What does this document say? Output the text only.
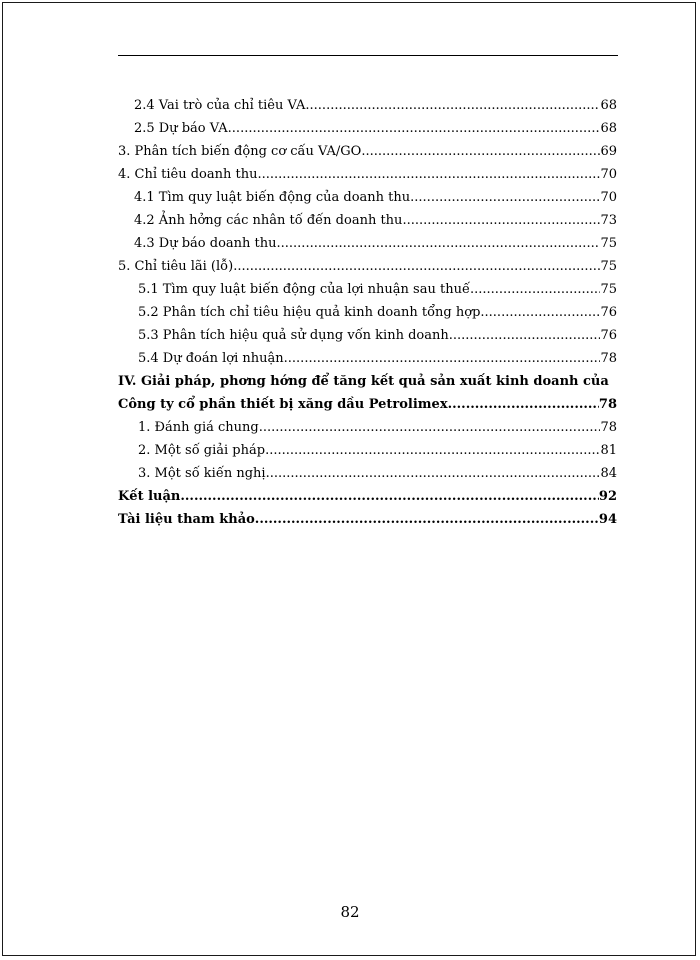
2.4 Vai trò của chỉ tiêu VA .....	68
2.5 Dự báo VA .....	68
3. Phân tích biến động cơ cấu VA/GO .....	69
4. Chỉ tiêu doanh thu .....	70
4.1 Tìm quy luật biến động của doanh thu .....	70
4.2 Ảnh hởng các nhân tố đến doanh thu .....	73
4.3 Dự báo doanh thu .....	75
5. Chỉ tiêu lãi (lỗ) .....	75
5.1 Tìm quy luật biến động của lợi nhuận sau thuế .....	75
5.2 Phân tích chỉ tiêu hiệu quả kinh doanh tổng hợp .....	76
5.3 Phân tích hiệu quả sử dụng vốn kinh doanh .....	76
5.4 Dự đoán lợi nhuận .....	78
IV. Giải pháp, phơng hớng để tăng kết quả sản xuất kinh doanh của
Công ty cổ phần thiết bị xăng dầu Petrolimex .....	78
1. Đánh giá chung .....	78
2. Một số giải pháp .....	81
3. Một số kiến nghị .....	84
Kết luận .....	92
Tài liệu tham khảo .....	94
82
